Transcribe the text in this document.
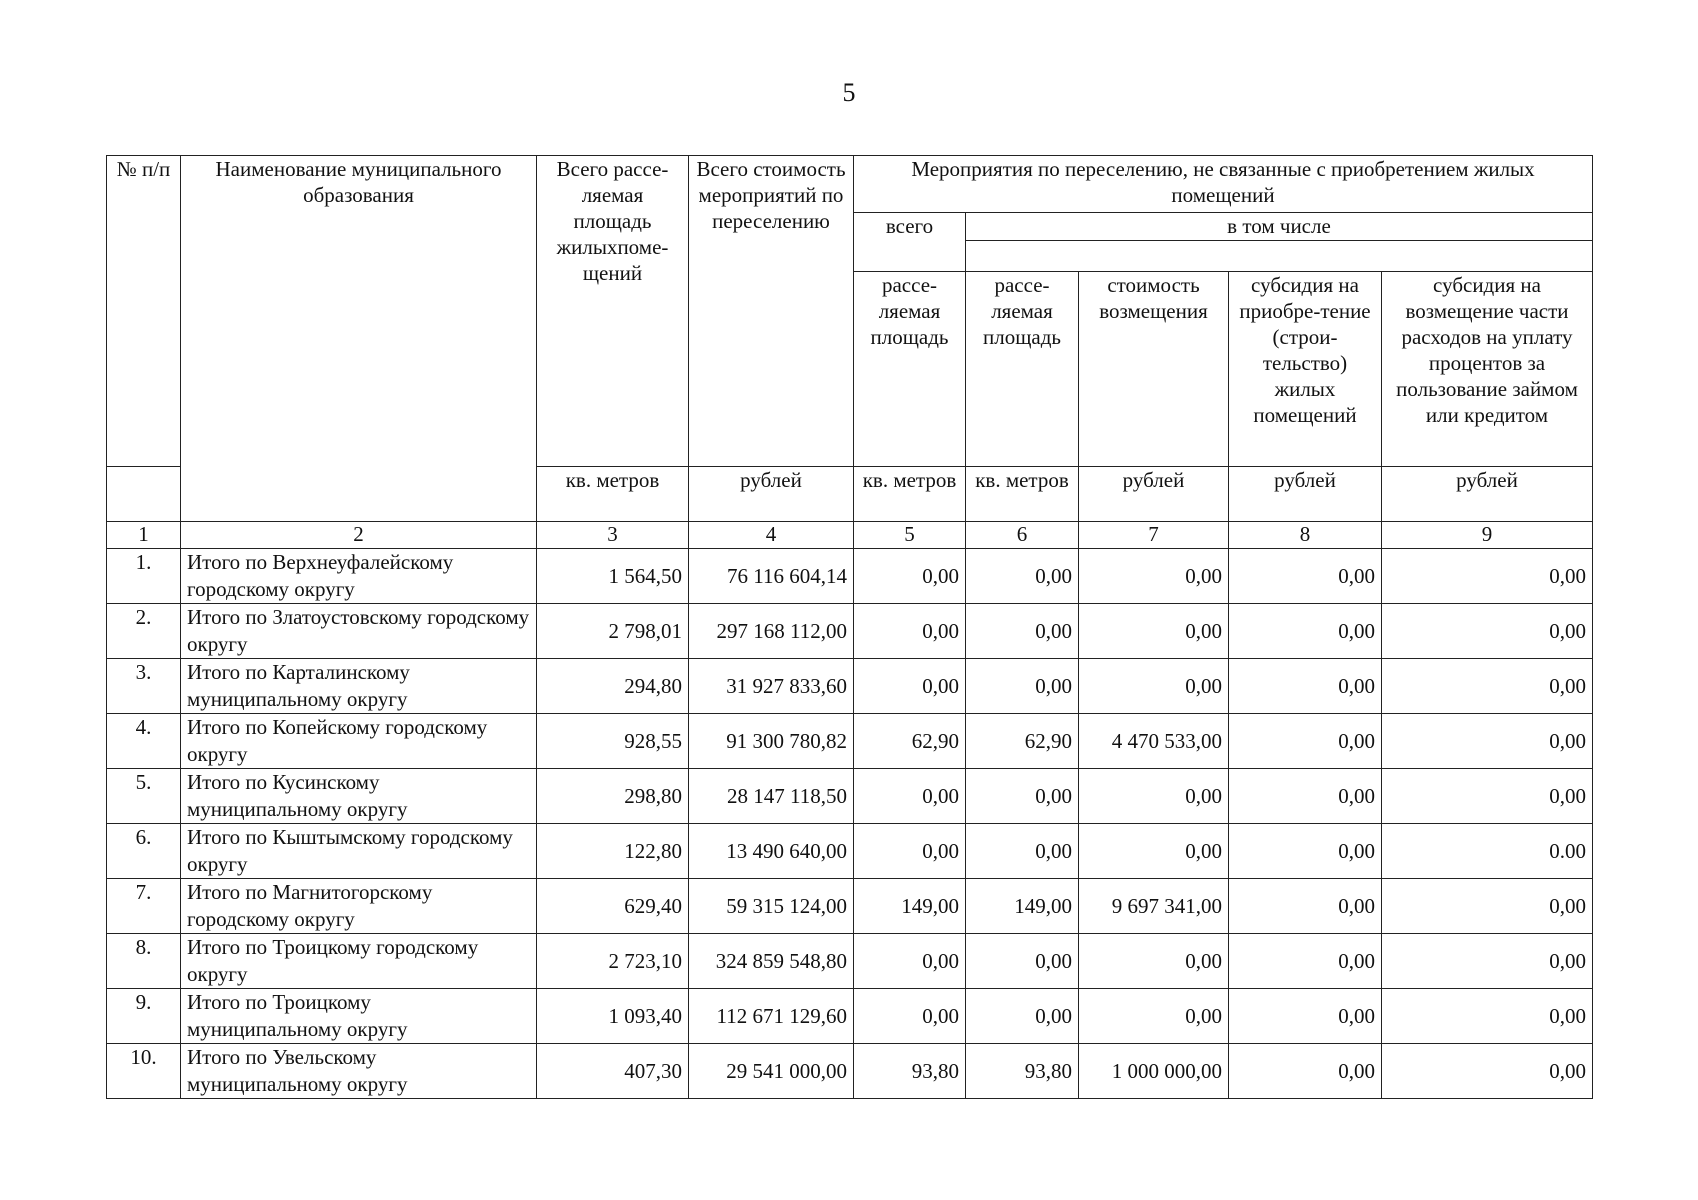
5
№ п/п	Наименование муниципального образования	Всего рассе-ляемая площадь жилыхпоме-щений	Всего стоимость мероприятий по переселению	Мероприятия по переселению, не связанные с приобретением жилых помещений				
				всего	в том числе			

				рассе-ляемая площадь	рассе-ляемая площадь	стоимость возмещения	субсидия на приобре-тение (строи-тельство) жилых помещений	субсидия на возмещение части расходов на уплату процентов за пользование займом или кредитом
		кв. метров	рублей	кв. метров	кв. метров	рублей	рублей	рублей
1	2	3	4	5	6	7	8	9
1.	Итого по Верхнеуфалейскому городскому округу	1 564,50	76 116 604,14	0,00	0,00	0,00	0,00	0,00
2.	Итого по Златоустовскому городскому округу	2 798,01	297 168 112,00	0,00	0,00	0,00	0,00	0,00
3.	Итого по Карталинскому муниципальному округу	294,80	31 927 833,60	0,00	0,00	0,00	0,00	0,00
4.	Итого по Копейскому городскому округу	928,55	91 300 780,82	62,90	62,90	4 470 533,00	0,00	0,00
5.	Итого по Кусинскому муниципальному округу	298,80	28 147 118,50	0,00	0,00	0,00	0,00	0,00
6.	Итого по Кыштымскому городскому округу	122,80	13 490 640,00	0,00	0,00	0,00	0,00	0.00
7.	Итого по Магнитогорскому городскому округу	629,40	59 315 124,00	149,00	149,00	9 697 341,00	0,00	0,00
8.	Итого по Троицкому городскому округу	2 723,10	324 859 548,80	0,00	0,00	0,00	0,00	0,00
9.	Итого по Троицкому муниципальному округу	1 093,40	112 671 129,60	0,00	0,00	0,00	0,00	0,00
10.	Итого по Увельскому муниципальному округу	407,30	29 541 000,00	93,80	93,80	1 000 000,00	0,00	0,00
